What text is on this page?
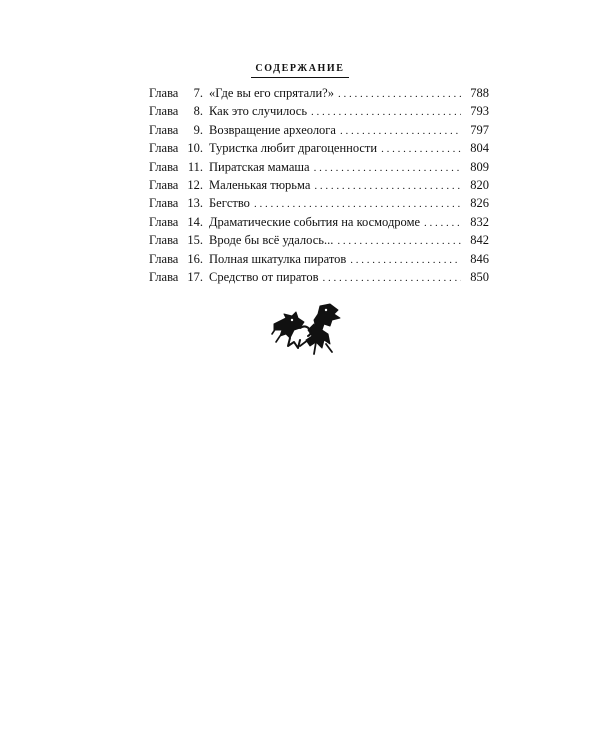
СОДЕРЖАНИЕ
Глава	7. «Где вы его спрятали?» . . .	788
Глава	8. Как это случилось . . .	793
Глава	9. Возвращение археолога . . .	797
Глава 10. Туристка любит драгоценности . . .	804
Глава 11. Пиратская мамаша . . .	809
Глава 12. Маленькая тюрьма . . .	820
Глава 13. Бегство . . .	826
Глава 14. Драматические события на космодроме . . .	832
Глава 15. Вроде бы всё удалось... . . .	842
Глава 16. Полная шкатулка пиратов . . .	846
Глава 17. Средство от пиратов . . .	850
